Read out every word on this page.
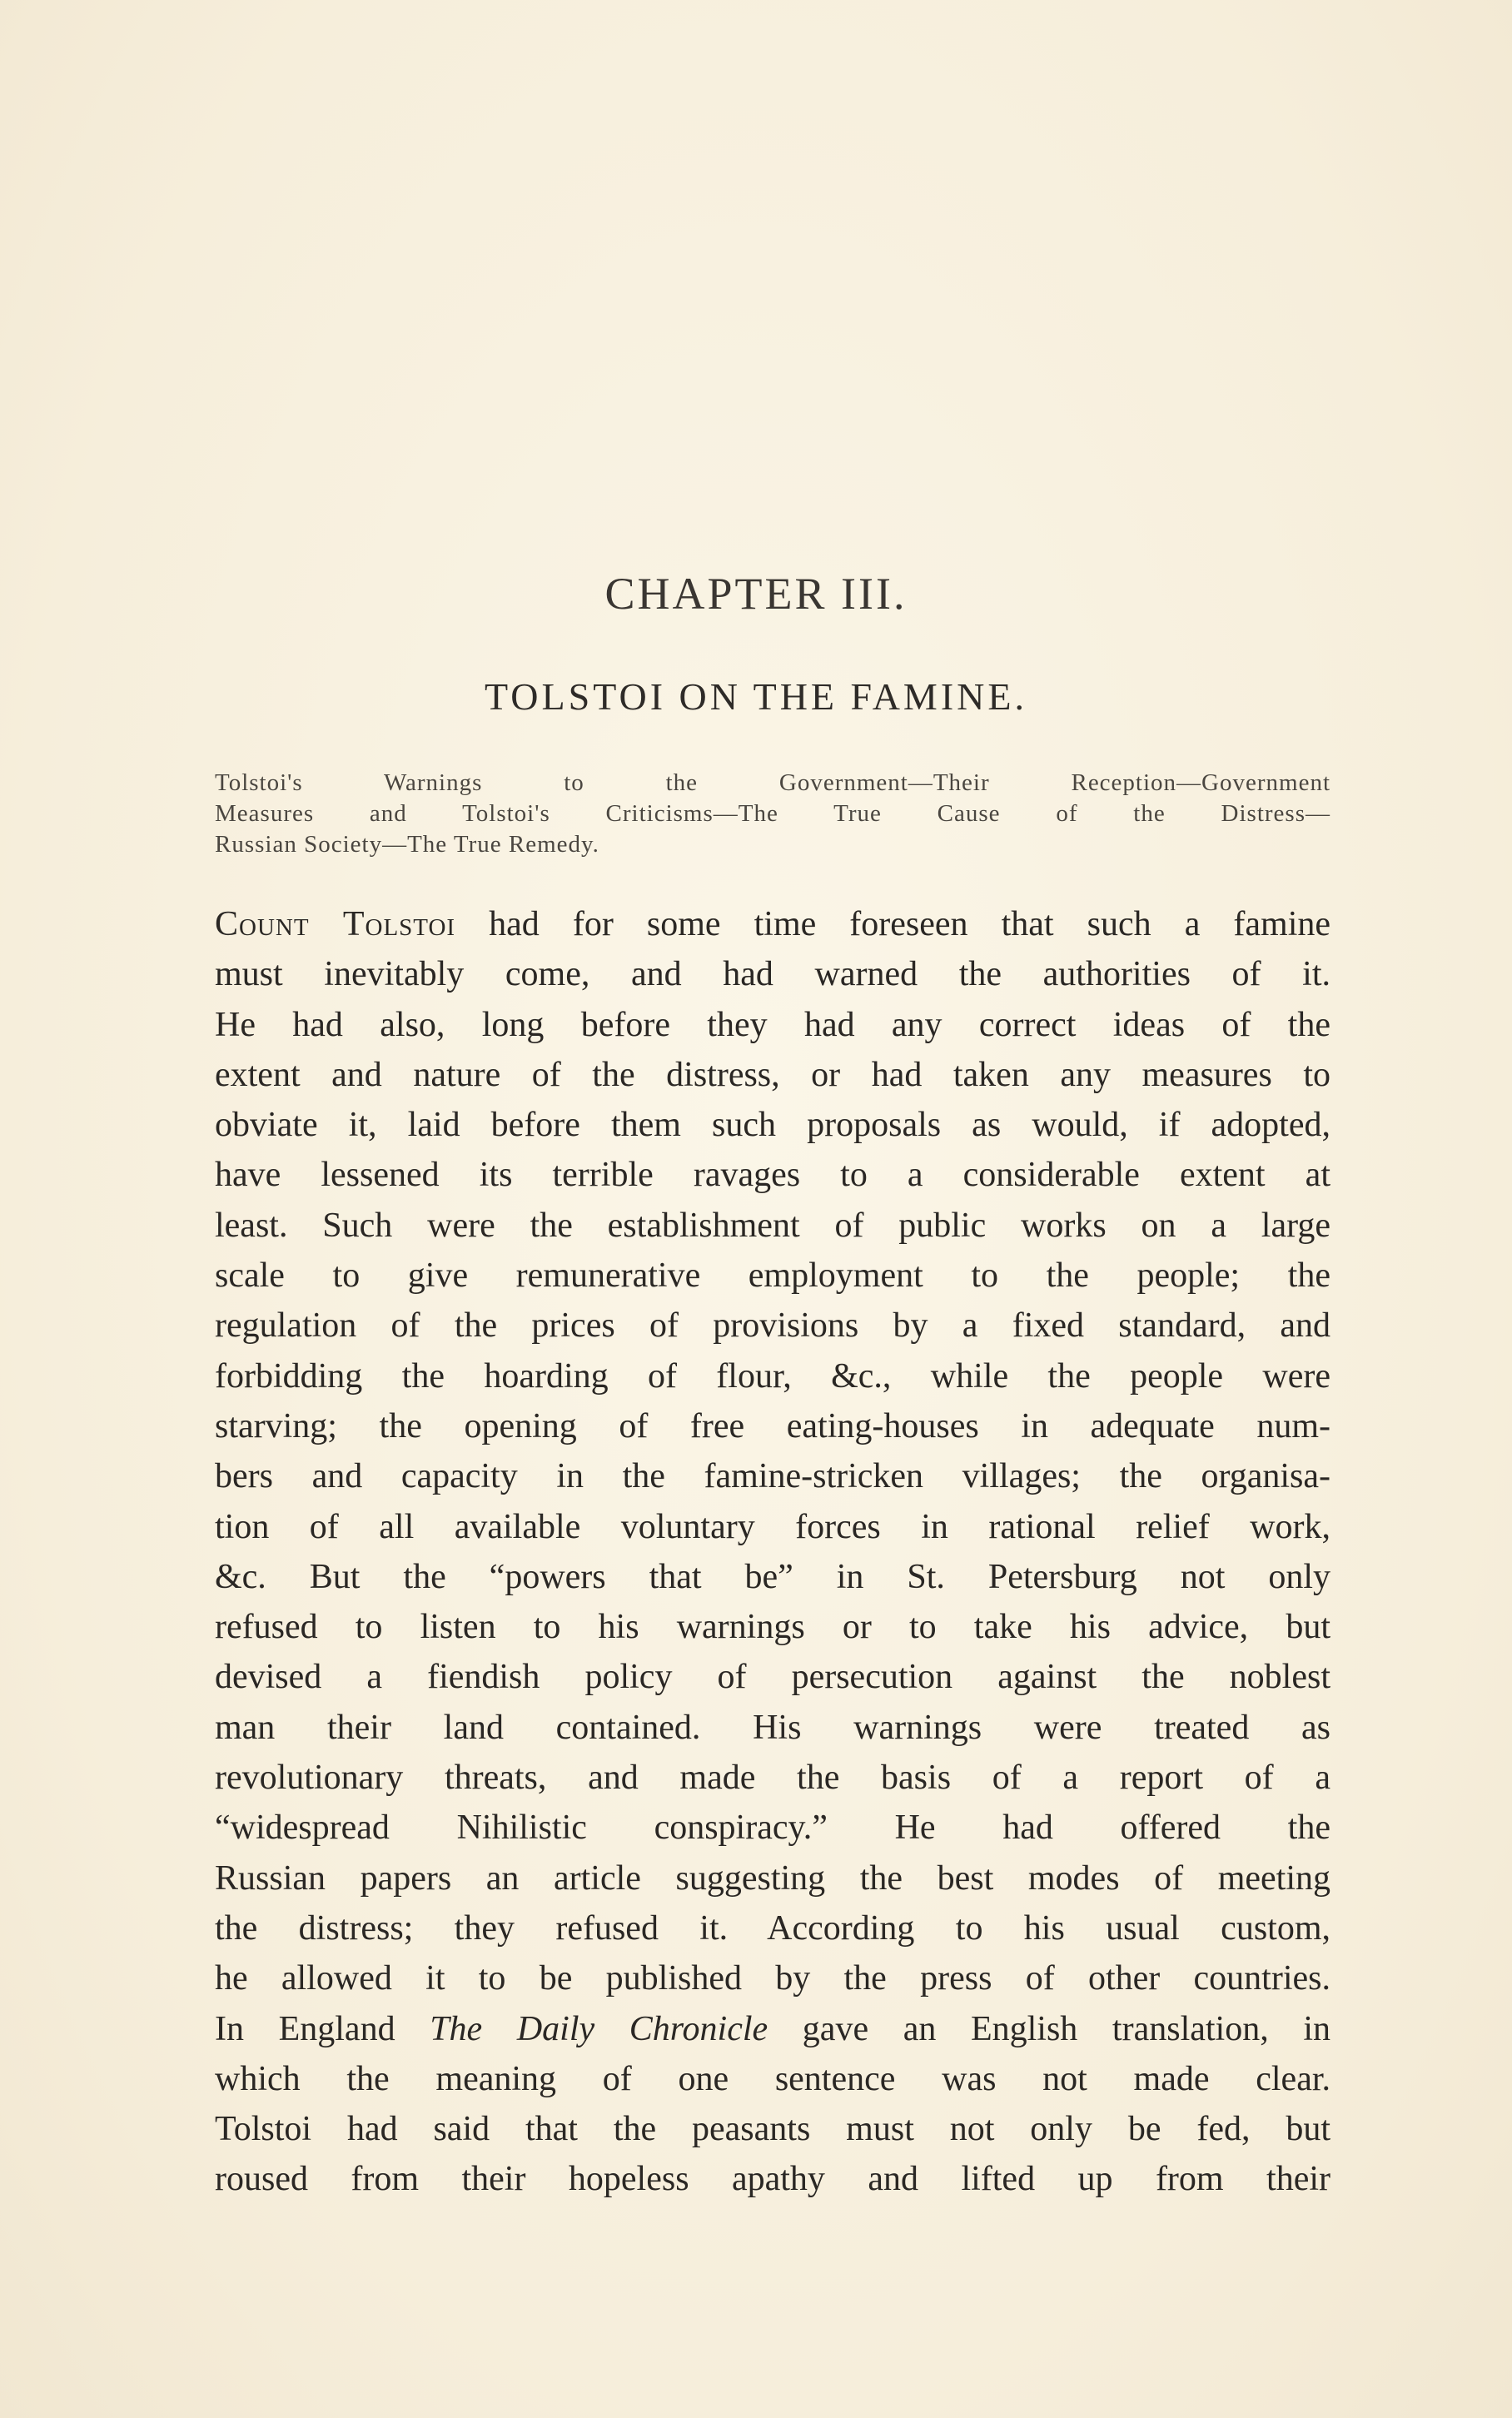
CHAPTER III.
TOLSTOI ON THE FAMINE.
Tolstoi's Warnings to the Government—Their Reception—Government
Measures and Tolstoi's Criticisms—The True Cause of the Distress—
Russian Society—The True Remedy.
Count Tolstoi had for some time foreseen that such a famine
must inevitably come, and had warned the authorities of it.
He had also, long before they had any correct ideas of the
extent and nature of the distress, or had taken any measures to
obviate it, laid before them such proposals as would, if adopted,
have lessened its terrible ravages to a considerable extent at
least. Such were the establishment of public works on a large
scale to give remunerative employment to the people; the
regulation of the prices of provisions by a fixed standard, and
forbidding the hoarding of flour, &c., while the people were
starving; the opening of free eating-houses in adequate num-
bers and capacity in the famine-stricken villages; the organisa-
tion of all available voluntary forces in rational relief work,
&c. But the “powers that be” in St. Petersburg not only
refused to listen to his warnings or to take his advice, but
devised a fiendish policy of persecution against the noblest
man their land contained. His warnings were treated as
revolutionary threats, and made the basis of a report of a
“widespread Nihilistic conspiracy.” He had offered the
Russian papers an article suggesting the best modes of meeting
the distress; they refused it. According to his usual custom,
he allowed it to be published by the press of other countries.
In England The Daily Chronicle gave an English translation, in
which the meaning of one sentence was not made clear.
Tolstoi had said that the peasants must not only be fed, but
roused from their hopeless apathy and lifted up from their
